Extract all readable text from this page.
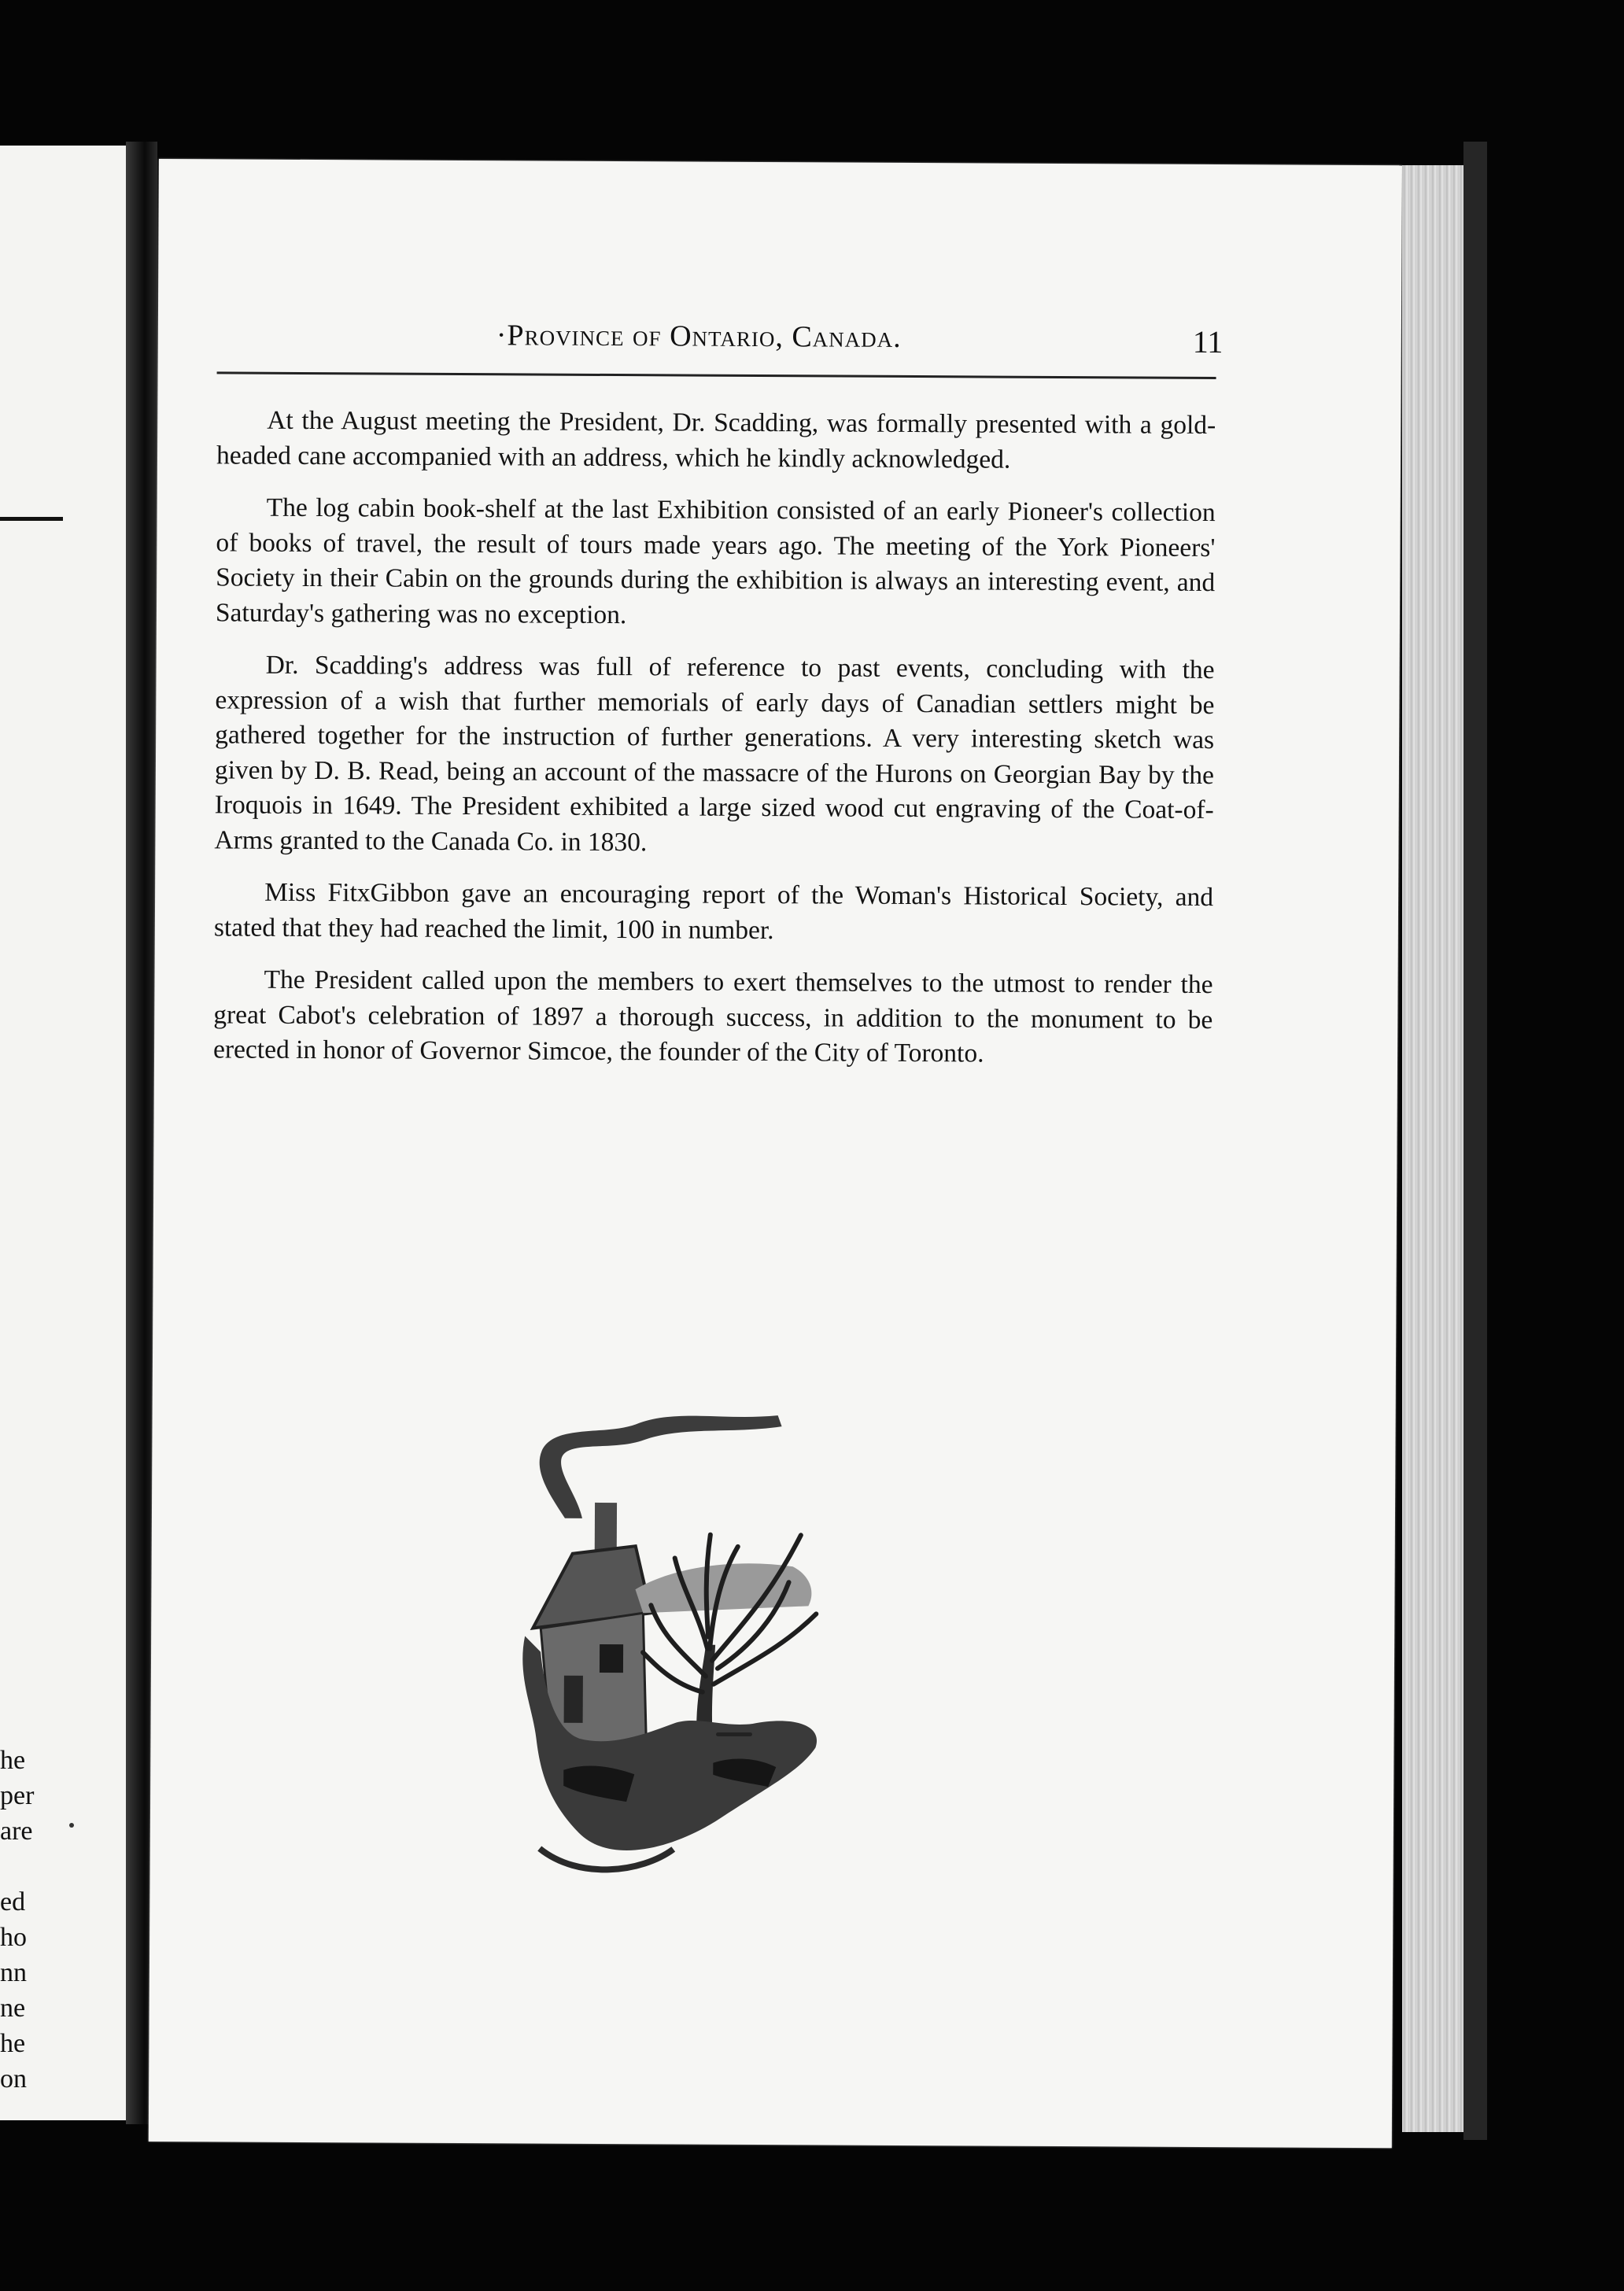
he
per
are
ed
ho
nn
ne
he
on
·Province of Ontario, Canada.	11

At the August meeting the President, Dr. Scadding, was formally presented with a gold-headed cane accompanied with an address, which he kindly acknowledged.

The log cabin book-shelf at the last Exhibition consisted of an early Pioneer's collection of books of travel, the result of tours made years ago. The meeting of the York Pioneers' Society in their Cabin on the grounds during the exhibition is always an interesting event, and Saturday's gathering was no exception.

Dr. Scadding's address was full of reference to past events, concluding with the expression of a wish that further memorials of early days of Canadian settlers might be gathered together for the instruction of further generations. A very interesting sketch was given by D. B. Read, being an account of the massacre of the Hurons on Georgian Bay by the Iroquois in 1649. The President exhibited a large sized wood cut engraving of the Coat-of-Arms granted to the Canada Co. in 1830.

Miss FitxGibbon gave an encouraging report of the Woman's Historical Society, and stated that they had reached the limit, 100 in number.

The President called upon the members to exert themselves to the utmost to render the great Cabot's celebration of 1897 a thorough success, in addition to the monument to be erected in honor of Governor Simcoe, the founder of the City of Toronto.
